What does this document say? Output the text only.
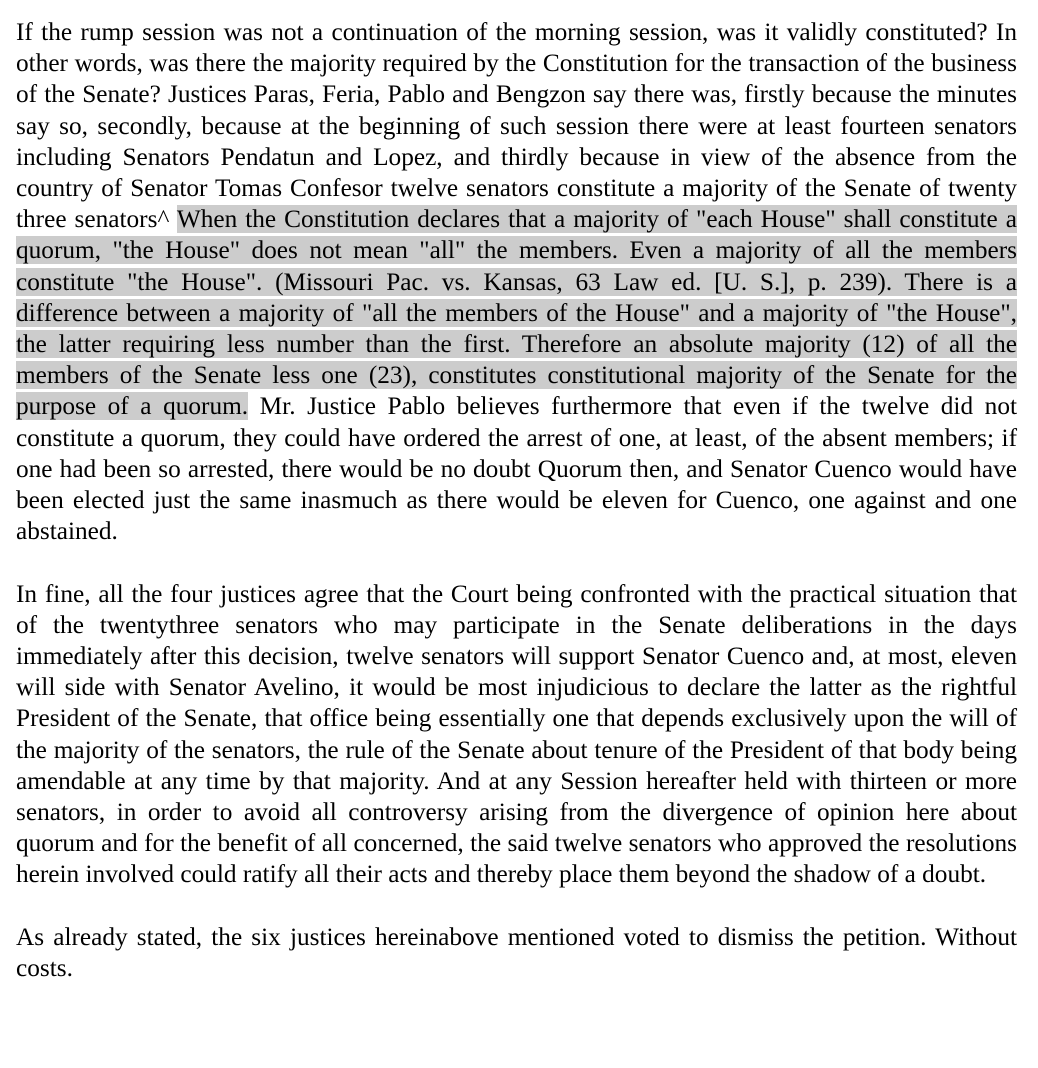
If the rump session was not a continuation of the morning session, was it validly constituted? In other words, was there the majority required by the Constitution for the transaction of the business of the Senate? Justices Paras, Feria, Pablo and Bengzon say there was, firstly because the minutes say so, secondly, because at the beginning of such session there were at least fourteen senators including Senators Pendatun and Lopez, and thirdly because in view of the absence from the country of Senator Tomas Confesor twelve senators constitute a majority of the Senate of twenty three senators^ When the Constitution declares that a majority of "each House" shall constitute a quorum, "the House" does not mean "all" the members. Even a majority of all the members constitute "the House". (Missouri Pac. vs. Kansas, 63 Law ed. [U. S.], p. 239). There is a difference between a majority of "all the members of the House" and a majority of "the House", the latter requiring less number than the first. Therefore an absolute majority (12) of all the members of the Senate less one (23), constitutes constitutional majority of the Senate for the purpose of a quorum. Mr. Justice Pablo believes furthermore that even if the twelve did not constitute a quorum, they could have ordered the arrest of one, at least, of the absent members; if one had been so arrested, there would be no doubt Quorum then, and Senator Cuenco would have been elected just the same inasmuch as there would be eleven for Cuenco, one against and one abstained.

In fine, all the four justices agree that the Court being confronted with the practical situation that of the twentythree senators who may participate in the Senate deliberations in the days immediately after this decision, twelve senators will support Senator Cuenco and, at most, eleven will side with Senator Avelino, it would be most injudicious to declare the latter as the rightful President of the Senate, that office being essentially one that depends exclusively upon the will of the majority of the senators, the rule of the Senate about tenure of the President of that body being amendable at any time by that majority. And at any Session hereafter held with thirteen or more senators, in order to avoid all controversy arising from the divergence of opinion here about quorum and for the benefit of all concerned, the said twelve senators who approved the resolutions herein involved could ratify all their acts and thereby place them beyond the shadow of a doubt.

As already stated, the six justices hereinabove mentioned voted to dismiss the petition. Without costs.
